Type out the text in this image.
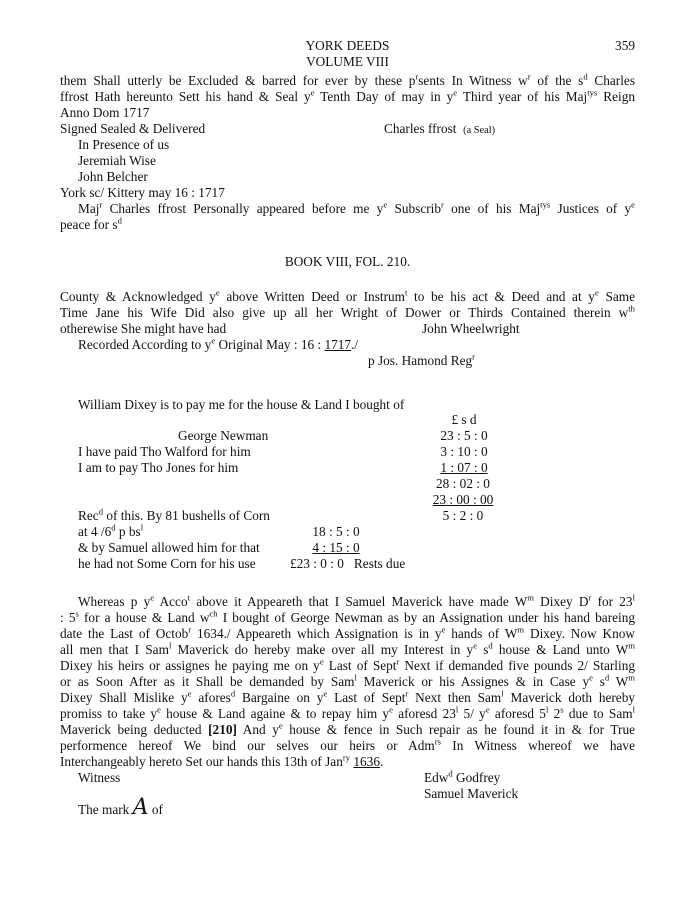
YORK DEEDS	359
VOLUME VIII
them Shall utterly be Excluded & barred for ever by these $p^rsents$ In Witness $w^r$ of the $s^d$ Charles
ffrost Hath hereunto Sett his hand & Seal $y^e$ Tenth Day of may in $y^e$ Third year of his Maj$^{tys}$ Reign
Anno Dom 1717
Signed Sealed & Delivered	Charles ffrost (a Seal)
In Presence of us
Jeremiah Wise
John Belcher
York sc/ Kittery may 16 : 1717
Maj$^r$ Charles ffrost Personally appeared before me $y^e$ Subscrib$^r$ one of his Maj$^{tys}$ Justices of $y^e$
peace for $s^d$
BOOK VIII, FOL. 210.
County & Acknowledged $y^e$ above Written Deed or Instrum$^t$ to be his act & Deed and at $y^e$ Same
Time Jane his Wife Did also give up all her Wright of Dower or Thirds Contained therein $w^{th}$
otherewise She might have had	John Wheelwright
Recorded According to $y^e$ Original May : 16 : 1717./
p Jos. Hamond Reg$^r$
William Dixey is to pay me for the house & Land I bought of
£ s d
George Newman	23 : 5 : 0
I have paid Tho Walford for him	3 : 10 : 0
I am to pay Tho Jones for him	1 : 07 : 0
28 : 02 : 0
23 : 00 : 00
Rec$^d$ of this. By 81 bushells of Corn	5 : 2 : 0
at 4 /6$^d$ p $bs^l$	18 : 5 : 0
& by Samuel allowed him for that	4 : 15 : 0
he had not Some Corn for his use	£23 : 0 : 0 Rests due
Whereas p $y^e$ Acco$^t$ above it Appeareth that I Samuel Maverick have made $W^m$ Dixey $D^r$ for 23$^l$
: 5$^s$ for a house & Land $w^{ch}$ I bought of George Newman as by an Assignation under his hand bareing
date the Last of Octob$^r$ 1634./ Appeareth which Assignation is in $y^e$ hands of $W^m$ Dixey. Now Know
all men that I Sam$^l$ Maverick do hereby make over all my Interest in $y^e$ $s^d$ house & Land unto $W^m$
Dixey his heirs or assignes he paying me on $y^e$ Last of Sept$^r$ Next if demanded five pounds 2/ Starling
or as Soon After as it Shall be demanded by Sam$^l$ Maverick or his Assignes & in Case $y^e$ $s^d$ $W^m$
Dixey Shall Mislike $y^e$ afores$^d$ Bargaine on $y^e$ Last of Sept$^r$ Next then Sam$^l$ Maverick doth hereby
promiss to take $y^e$ house & Land againe & to repay him $y^e$ aforesd 23$^l$ 5/ $y^e$ aforesd 5$^l$ 2$^s$ due to Sam$^l$
Maverick being deducted [210] And $y^e$ house & fence in Such repair as he found it in & for True
performence hereof We bind our selves our heirs or Adm$^{rs}$ In Witness whereof we have
Interchangeably hereto Set our hands this 13th of Jan$^{ry}$ 1636.
Witness	Edw$^d$ Godfrey
Samuel Maverick
The mark A of
